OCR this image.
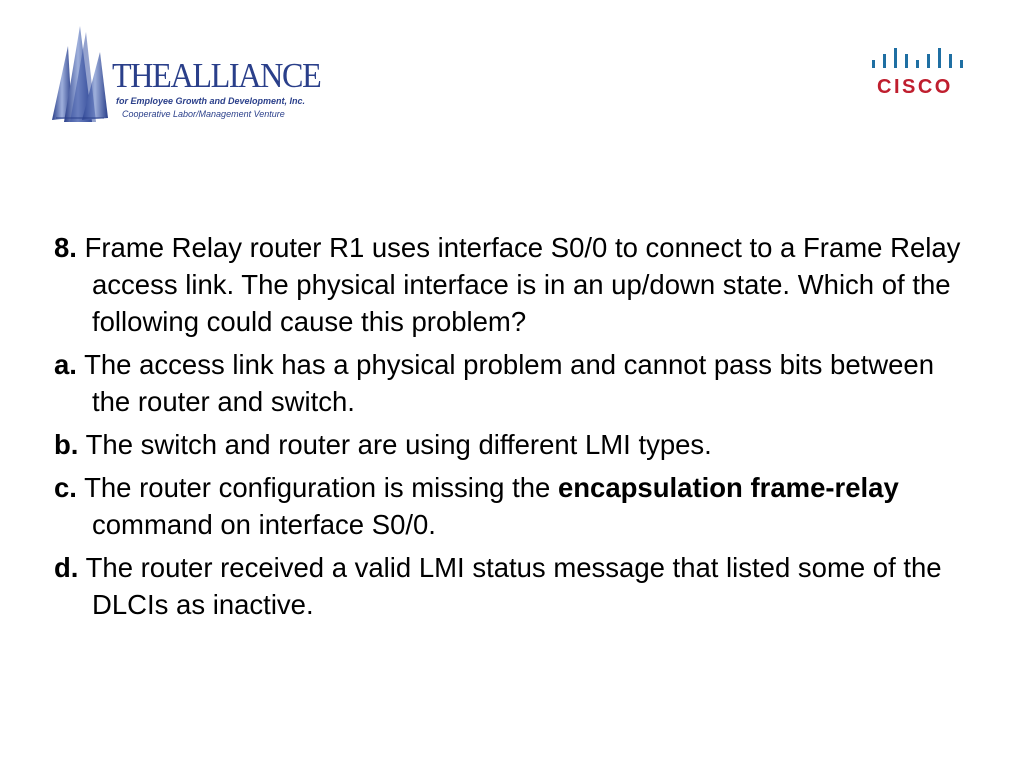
THEALLIANCE
for Employee Growth and Development, Inc.
Cooperative Labor/Management Venture
CISCO
8. Frame Relay router R1 uses interface S0/0 to connect to a Frame Relay access link. The physical interface is in an up/down state. Which of the following could cause this problem?
a. The access link has a physical problem and cannot pass bits between the router and switch.
b. The switch and router are using different LMI types.
c. The router configuration is missing the encapsulation frame-relay command on interface S0/0.
d. The router received a valid LMI status message that listed some of the DLCIs as inactive.
